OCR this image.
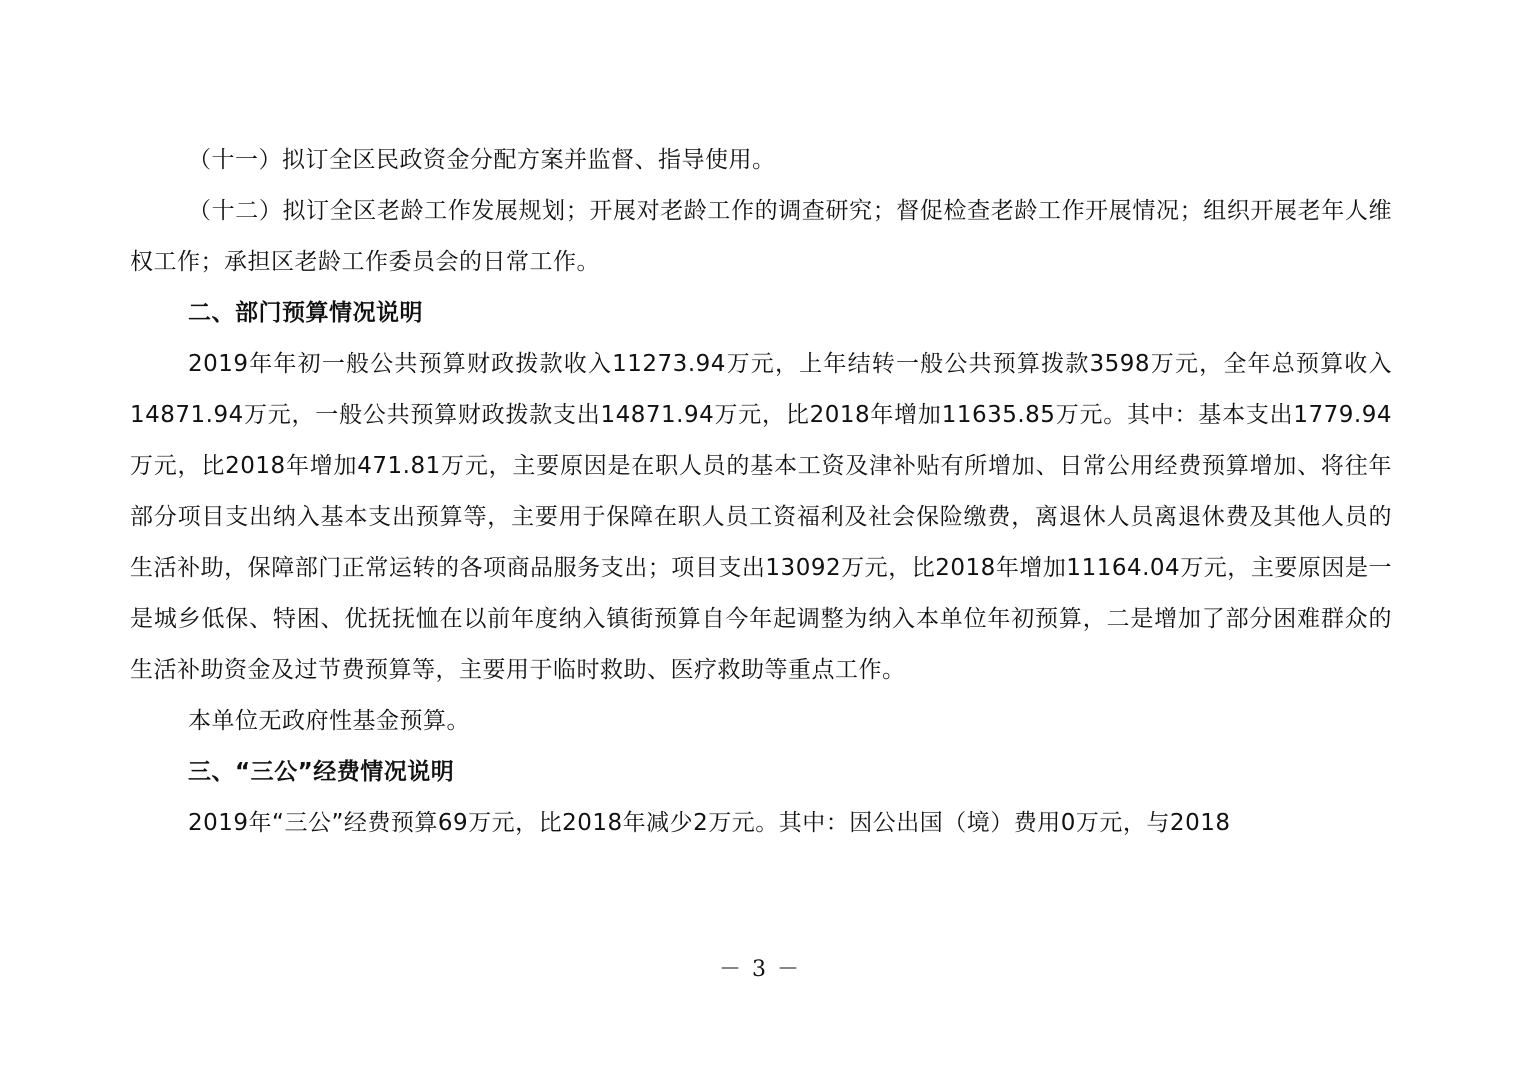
（十一）拟订全区民政资金分配方案并监督、指导使用。

（十二）拟订全区老龄工作发展规划；开展对老龄工作的调查研究；督促检查老龄工作开展情况；组织开展老年人维权工作；承担区老龄工作委员会的日常工作。

二、部门预算情况说明

2019年年初一般公共预算财政拨款收入11273.94万元，上年结转一般公共预算拨款3598万元，全年总预算收入14871.94万元，一般公共预算财政拨款支出14871.94万元，比2018年增加11635.85万元。其中：基本支出1779.94万元，比2018年增加471.81万元，主要原因是在职人员的基本工资及津补贴有所增加、日常公用经费预算增加、将往年部分项目支出纳入基本支出预算等，主要用于保障在职人员工资福利及社会保险缴费，离退休人员离退休费及其他人员的生活补助，保障部门正常运转的各项商品服务支出；项目支出13092万元，比2018年增加11164.04万元，主要原因是一是城乡低保、特困、优抚抚恤在以前年度纳入镇街预算自今年起调整为纳入本单位年初预算，二是增加了部分困难群众的生活补助资金及过节费预算等，主要用于临时救助、医疗救助等重点工作。

本单位无政府性基金预算。

三、“三公”经费情况说明

2019年“三公”经费预算69万元，比2018年减少2万元。其中：因公出国（境）费用0万元，与2018

－ 3 －
